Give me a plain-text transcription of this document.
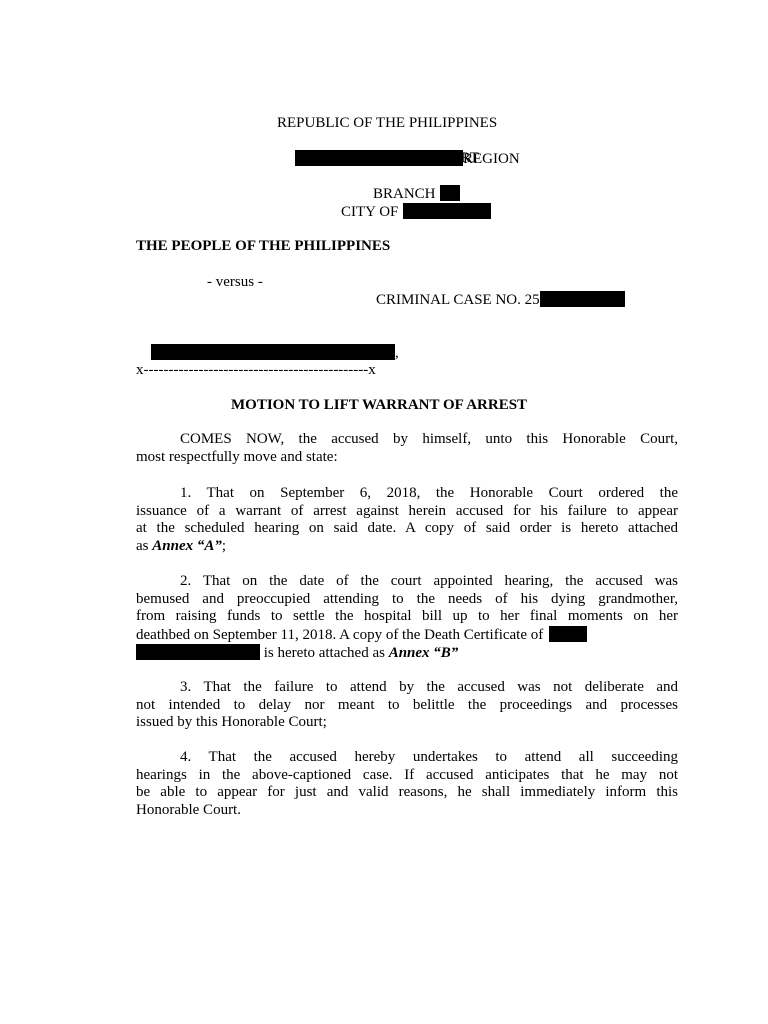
REPUBLIC OF THE PHILIPPINES

REGION

REGIONAL TRIAL COURT

BRANCH

CITY OF

THE PEOPLE OF THE PHILIPPINES
- versus -

CRIMINAL CASE NO. 25

,

Accused.
x---------------------------------------------x
MOTION TO LIFT WARRANT OF ARREST
COMES NOW, the accused by himself, unto this Honorable Court,
most respectfully move and state:
1. That on September 6, 2018, the Honorable Court ordered the
issuance of a warrant of arrest against herein accused for his failure to appear
at the scheduled hearing on said date. A copy of said order is hereto attached
as Annex “A”;
2. That on the date of the court appointed hearing, the accused was
bemused and preoccupied attending to the needs of his dying grandmother,
from raising funds to settle the hospital bill up to her final moments on her
deathbed on September 11, 2018. A copy of the Death Certificate of
is hereto attached as Annex “B”
3. That the failure to attend by the accused was not deliberate and
not intended to delay nor meant to belittle the proceedings and processes
issued by this Honorable Court;
4. That the accused hereby undertakes to attend all succeeding
hearings in the above-captioned case. If accused anticipates that he may not
be able to appear for just and valid reasons, he shall immediately inform this
Honorable Court.
